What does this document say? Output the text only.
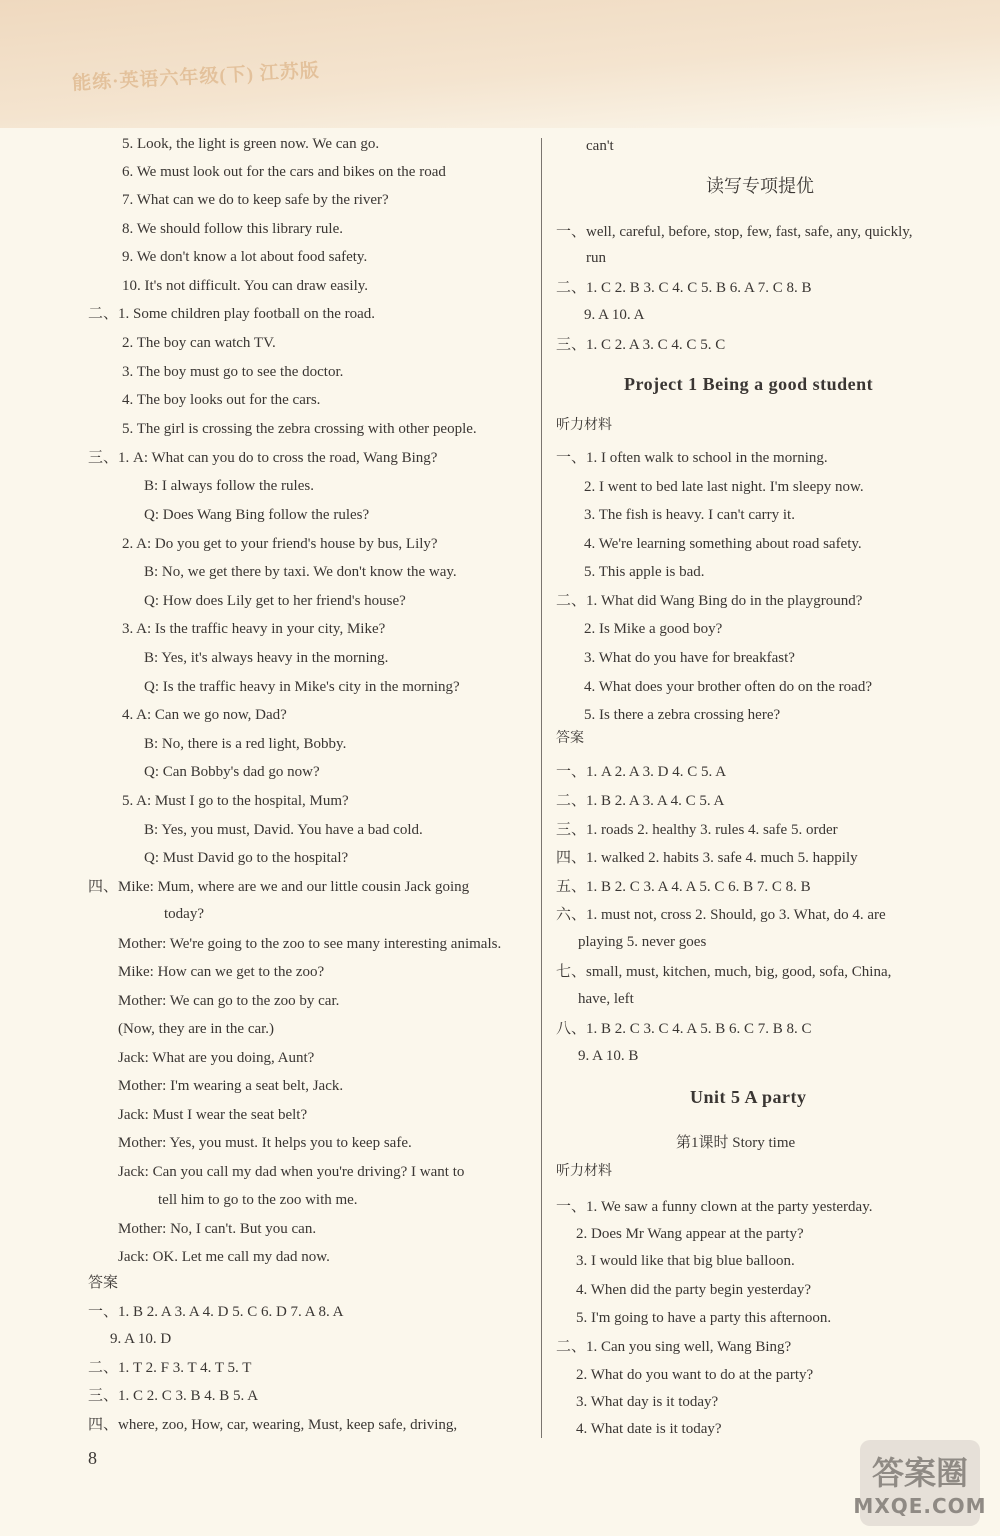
能练·英语六年级(下) 江苏版
5. Look, the light is green now. We can go.
6. We must look out for the cars and bikes on the road
7. What can we do to keep safe by the river?
8. We should follow this library rule.
9. We don't know a lot about food safety.
10. It's not difficult. You can draw easily.
二、1. Some children play football on the road.
2. The boy can watch TV.
3. The boy must go to see the doctor.
4. The boy looks out for the cars.
5. The girl is crossing the zebra crossing with other people.
三、1. A: What can you do to cross the road, Wang Bing?
B: I always follow the rules.
Q: Does Wang Bing follow the rules?
2. A: Do you get to your friend's house by bus, Lily?
B: No, we get there by taxi. We don't know the way.
Q: How does Lily get to her friend's house?
3. A: Is the traffic heavy in your city, Mike?
B: Yes, it's always heavy in the morning.
Q: Is the traffic heavy in Mike's city in the morning?
4. A: Can we go now, Dad?
B: No, there is a red light, Bobby.
Q: Can Bobby's dad go now?
5. A: Must I go to the hospital, Mum?
B: Yes, you must, David. You have a bad cold.
Q: Must David go to the hospital?
四、Mike: Mum, where are we and our little cousin Jack going
today?
Mother: We're going to the zoo to see many interesting animals.
Mike: How can we get to the zoo?
Mother: We can go to the zoo by car.
(Now, they are in the car.)
Jack: What are you doing, Aunt?
Mother: I'm wearing a seat belt, Jack.
Jack: Must I wear the seat belt?
Mother: Yes, you must. It helps you to keep safe.
Jack: Can you call my dad when you're driving? I want to
tell him to go to the zoo with me.
Mother: No, I can't. But you can.
Jack: OK. Let me call my dad now.
答案
一、1. B 2. A 3. A 4. D 5. C 6. D 7. A 8. A
9. A 10. D
二、1. T 2. F 3. T 4. T 5. T
三、1. C 2. C 3. B 4. B 5. A
四、where, zoo, How, car, wearing, Must, keep safe, driving,
can't
读写专项提优
一、well, careful, before, stop, few, fast, safe, any, quickly,
run
二、1. C 2. B 3. C 4. C 5. B 6. A 7. C 8. B
9. A 10. A
三、1. C 2. A 3. C 4. C 5. C
Project 1 Being a good student
听力材料
一、1. I often walk to school in the morning.
2. I went to bed late last night. I'm sleepy now.
3. The fish is heavy. I can't carry it.
4. We're learning something about road safety.
5. This apple is bad.
二、1. What did Wang Bing do in the playground?
2. Is Mike a good boy?
3. What do you have for breakfast?
4. What does your brother often do on the road?
5. Is there a zebra crossing here?
答案
一、1. A 2. A 3. D 4. C 5. A
二、1. B 2. A 3. A 4. C 5. A
三、1. roads 2. healthy 3. rules 4. safe 5. order
四、1. walked 2. habits 3. safe 4. much 5. happily
五、1. B 2. C 3. A 4. A 5. C 6. B 7. C 8. B
六、1. must not, cross 2. Should, go 3. What, do 4. are
playing 5. never goes
七、small, must, kitchen, much, big, good, sofa, China,
have, left
八、1. B 2. C 3. C 4. A 5. B 6. C 7. B 8. C
9. A 10. B
Unit 5 A party
第1课时 Story time
听力材料
一、1. We saw a funny clown at the party yesterday.
2. Does Mr Wang appear at the party?
3. I would like that big blue balloon.
4. When did the party begin yesterday?
5. I'm going to have a party this afternoon.
二、1. Can you sing well, Wang Bing?
2. What do you want to do at the party?
3. What day is it today?
4. What date is it today?
8	答案圈
MXQE.COM
